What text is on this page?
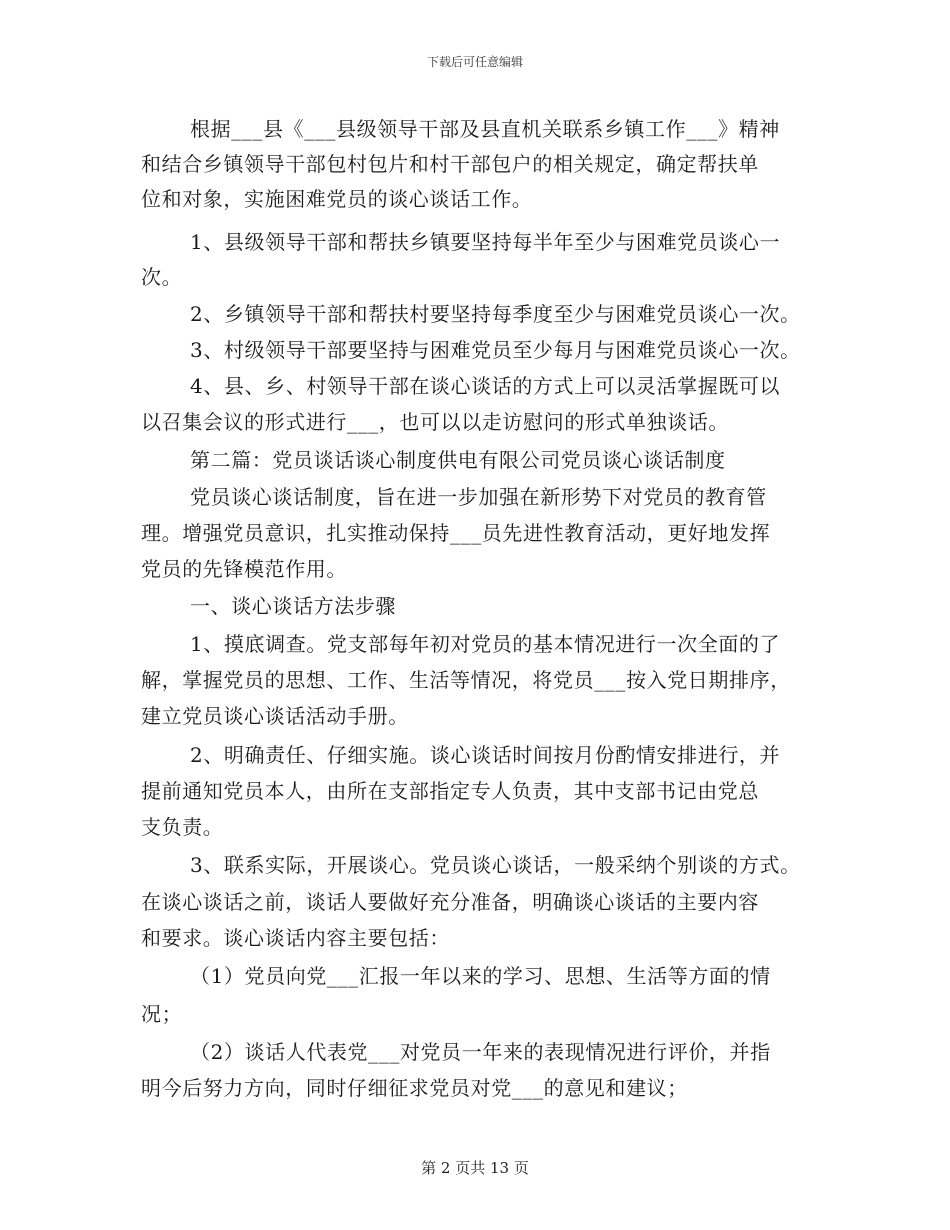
下载后可任意编辑
根据___县《___县级领导干部及县直机关联系乡镇工作___》精神
和结合乡镇领导干部包村包片和村干部包户的相关规定，确定帮扶单
位和对象，实施困难党员的谈心谈话工作。
1、县级领导干部和帮扶乡镇要坚持每半年至少与困难党员谈心一
次。
2、乡镇领导干部和帮扶村要坚持每季度至少与困难党员谈心一次。
3、村级领导干部要坚持与困难党员至少每月与困难党员谈心一次。
4、县、乡、村领导干部在谈心谈话的方式上可以灵活掌握既可以
以召集会议的形式进行___，也可以以走访慰问的形式单独谈话。
第二篇：党员谈话谈心制度供电有限公司党员谈心谈话制度
党员谈心谈话制度，旨在进一步加强在新形势下对党员的教育管
理。增强党员意识，扎实推动保持___员先进性教育活动，更好地发挥
党员的先锋模范作用。
一、谈心谈话方法步骤
1、摸底调查。党支部每年初对党员的基本情况进行一次全面的了
解，掌握党员的思想、工作、生活等情况，将党员___按入党日期排序，
建立党员谈心谈话活动手册。
2、明确责任、仔细实施。谈心谈话时间按月份酌情安排进行，并
提前通知党员本人，由所在支部指定专人负责，其中支部书记由党总
支负责。
3、联系实际，开展谈心。党员谈心谈话，一般采纳个别谈的方式。
在谈心谈话之前，谈话人要做好充分准备，明确谈心谈话的主要内容
和要求。谈心谈话内容主要包括：
（1）党员向党___汇报一年以来的学习、思想、生活等方面的情
况；
（2）谈话人代表党___对党员一年来的表现情况进行评价，并指
明今后努力方向，同时仔细征求党员对党___的意见和建议；
第 2 页共 13 页
